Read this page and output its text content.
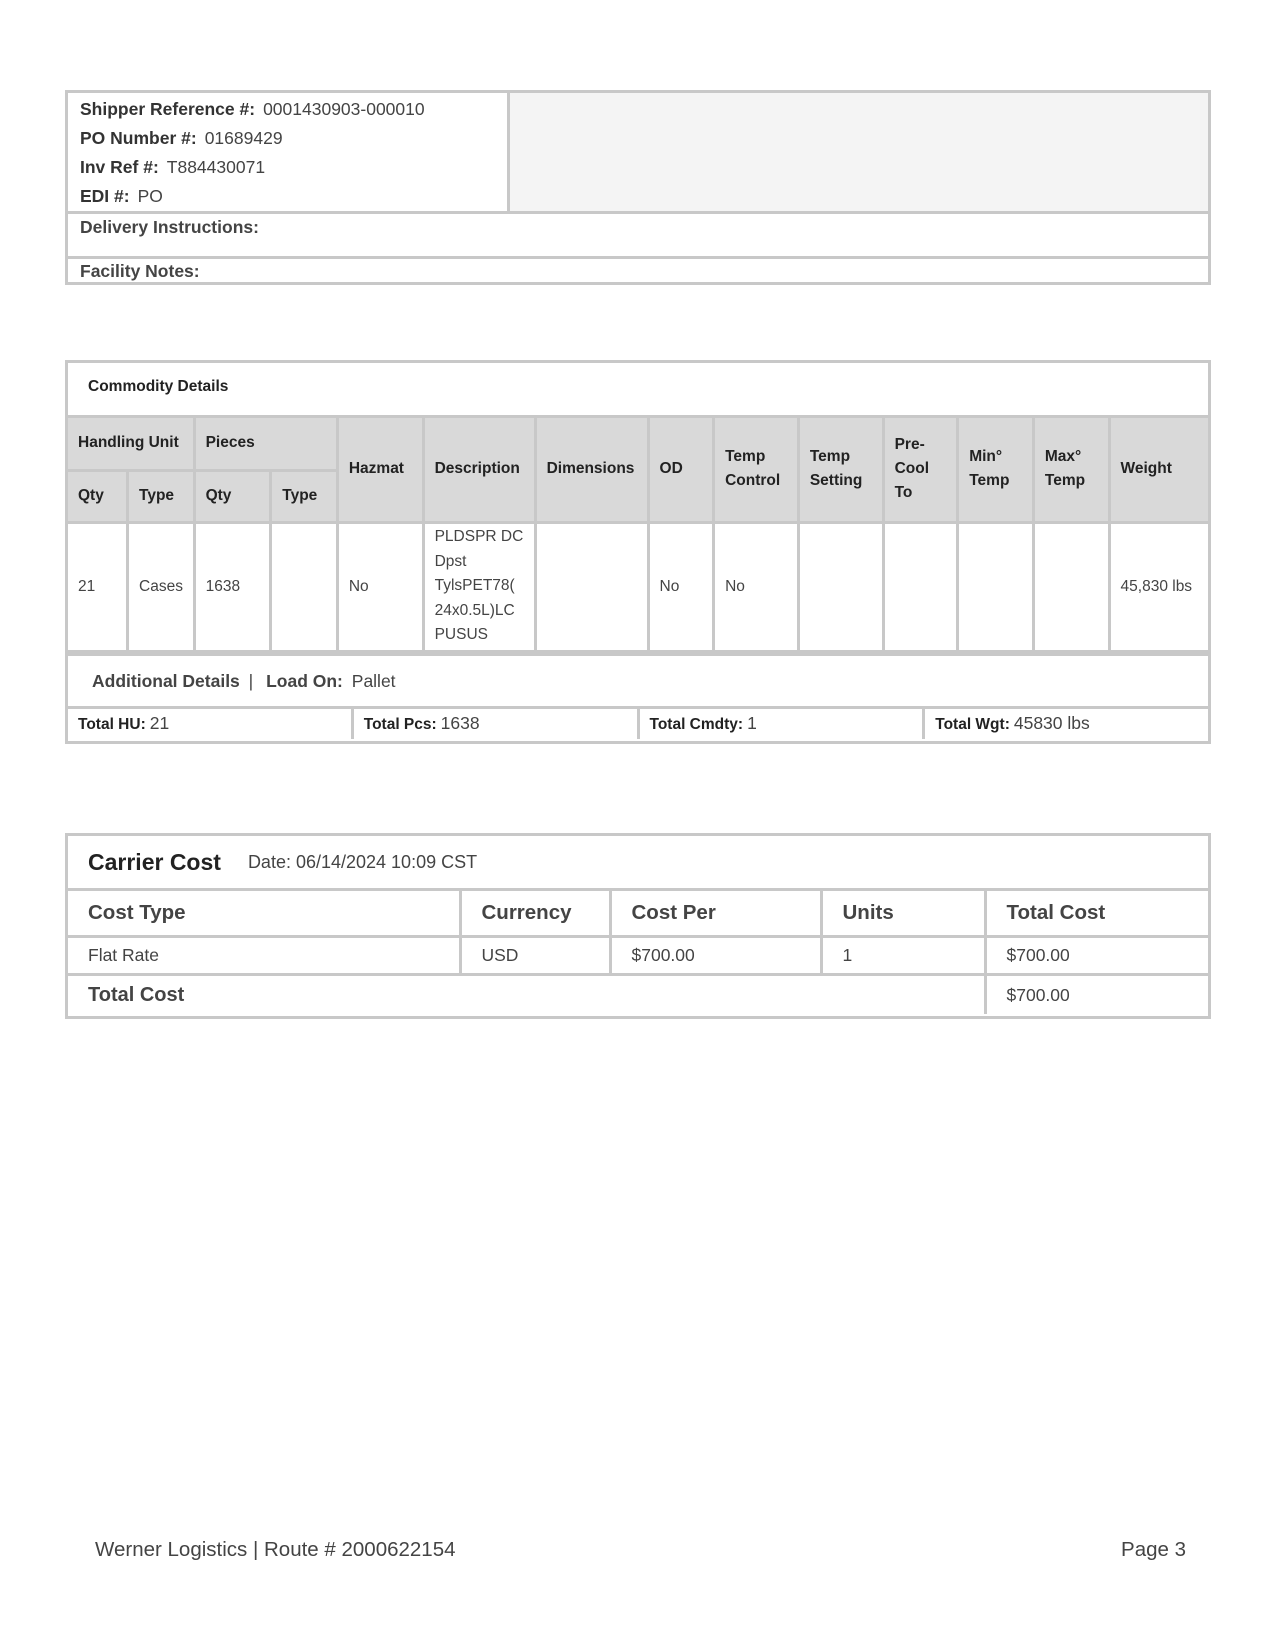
Shipper Reference #: 0001430903-000010
PO Number #: 01689429
Inv Ref #: T884430071
EDI #: PO
Delivery Instructions:
Facility Notes:
Commodity Details
Handling Unit		Pieces		Hazmat	Description	Dimensions	OD	Temp Control	Temp Setting	Pre-Cool To	Min° Temp	Max° Temp	Weight
Qty	Type	Qty	Type										
21	Cases	1638		No	PLDSPR DC Dpst TylsPET78( 24x0.5L)LC PUSUS		No	No					45,830 lbs
Additional Details | Load On: Pallet
Total HU: 21	Total Pcs: 1638	Total Cmdty: 1	Total Wgt: 45830 lbs
Carrier Cost Date: 06/14/2024 10:09 CST
Cost Type	Currency	Cost Per	Units	Total Cost
Flat Rate	USD	$700.00	1	$700.00
Total Cost				$700.00
Werner Logistics | Route # 2000622154	Page 3
